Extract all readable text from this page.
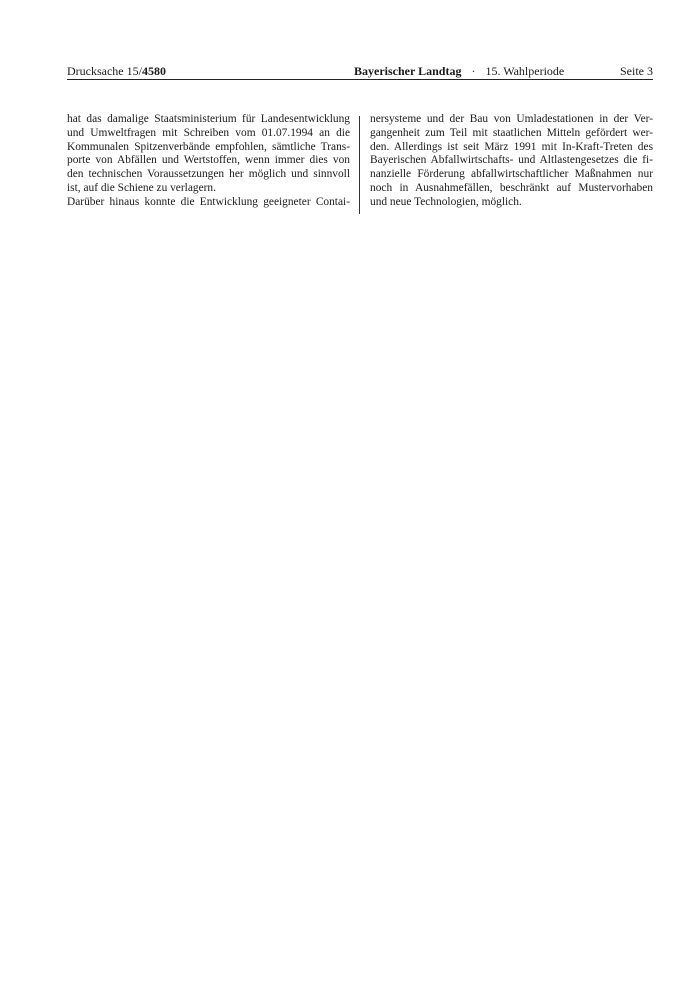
Drucksache 15/4580	Bayerischer Landtag · 15. Wahlperiode	Seite 3
hat das damalige Staatsministerium für Landesentwicklung
und Umweltfragen mit Schreiben vom 01.07.1994 an die
Kommunalen Spitzenverbände empfohlen, sämtliche Trans-
porte von Abfällen und Wertstoffen, wenn immer dies von
den technischen Voraussetzungen her möglich und sinnvoll
ist, auf die Schiene zu verlagern.
Darüber hinaus konnte die Entwicklung geeigneter Contai-
nersysteme und der Bau von Umladestationen in der Ver-
gangenheit zum Teil mit staatlichen Mitteln gefördert wer-
den. Allerdings ist seit März 1991 mit In-Kraft-Treten des
Bayerischen Abfallwirtschafts- und Altlastengesetzes die fi-
nanzielle Förderung abfallwirtschaftlicher Maßnahmen nur
noch in Ausnahmefällen, beschränkt auf Mustervorhaben
und neue Technologien, möglich.
